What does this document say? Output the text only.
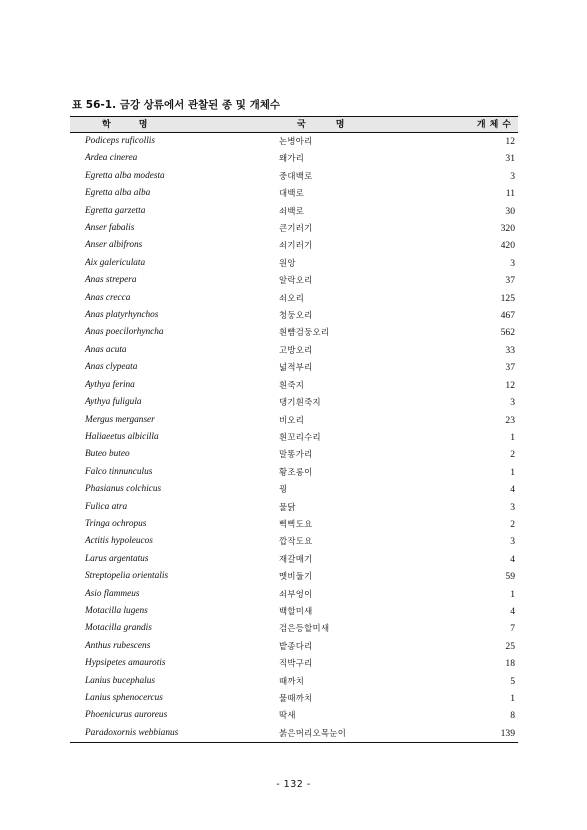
표 56-1. 금강 상류에서 관찰된 종 및 개체수
학명	국명	개체수
Podiceps ruficollis	논병아리	12
Ardea cinerea	왜가리	31
Egretta alba modesta	중대백로	3
Egretta alba alba	대백로	11
Egretta garzetta	쇠백로	30
Anser fabalis	큰기러기	320
Anser albifrons	쇠기러기	420
Aix galericulata	원앙	3
Anas strepera	알락오리	37
Anas crecca	쇠오리	125
Anas platyrhynchos	청둥오리	467
Anas poecilorhyncha	흰뺨검둥오리	562
Anas acuta	고방오리	33
Anas clypeata	넓적부리	37
Aythya ferina	흰죽지	12
Aythya fuligula	댕기흰죽지	3
Mergus merganser	비오리	23
Haliaeetus albicilla	흰꼬리수리	1
Buteo buteo	말똥가리	2
Falco tinnunculus	황조롱이	1
Phasianus colchicus	꿩	4
Fulica atra	물닭	3
Tringa ochropus	삑삑도요	2
Actitis hypoleucos	깝작도요	3
Larus argentatus	재갈매기	4
Streptopelia orientalis	멧비둘기	59
Asio flammeus	쇠부엉이	1
Motacilla lugens	백할미새	4
Motacilla grandis	검은등할미새	7
Anthus rubescens	밭종다리	25
Hypsipetes amaurotis	직박구리	18
Lanius bucephalus	때까치	5
Lanius sphenocercus	물때까치	1
Phoenicurus auroreus	딱새	8
Paradoxornis webbianus	붉은머리오목눈이	139
- 132 -
